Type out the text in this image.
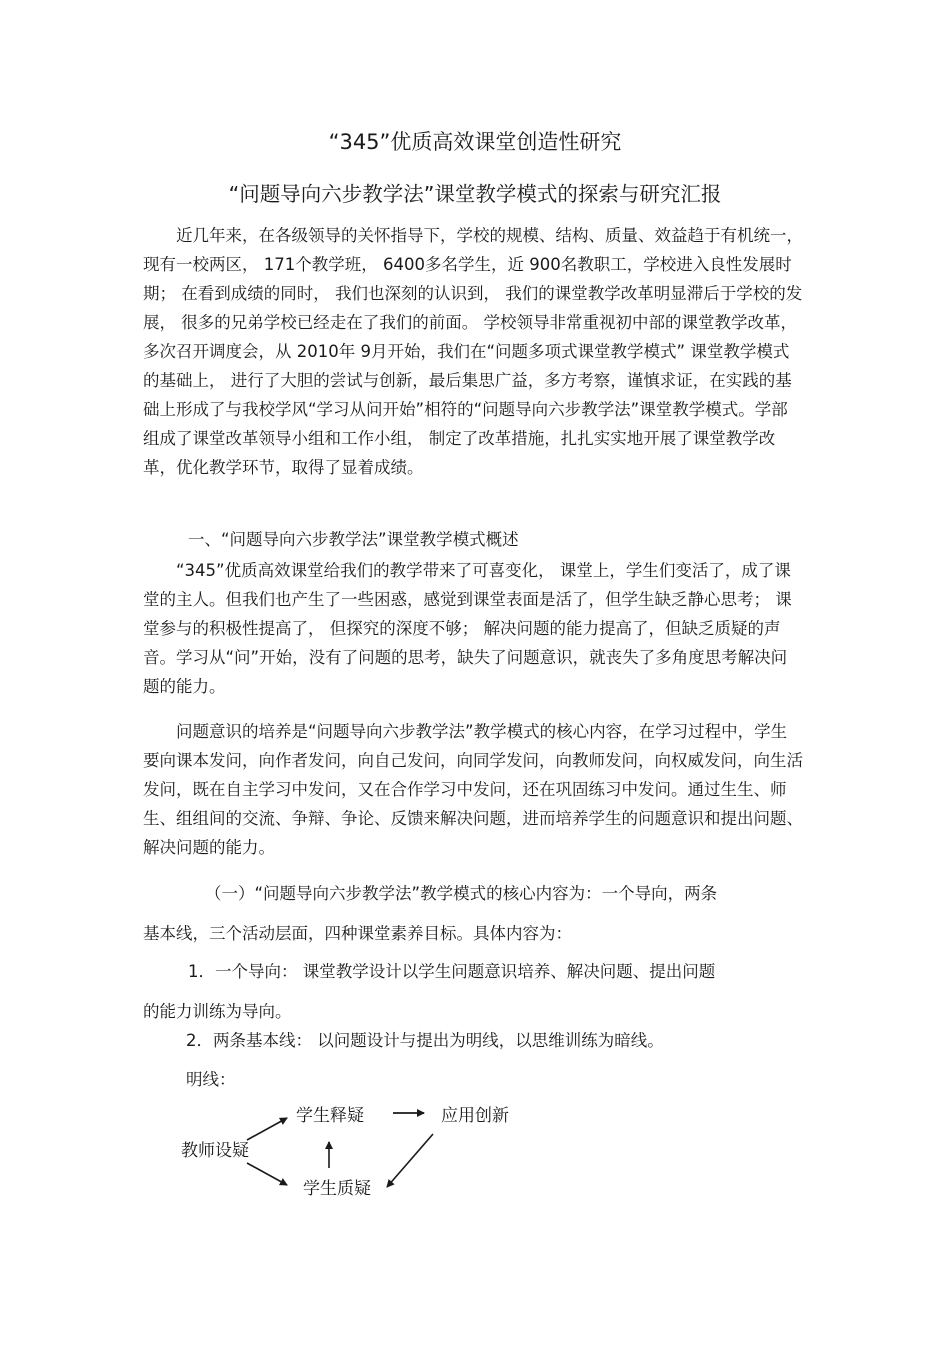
“345”优质高效课堂创造性研究
“问题导向六步教学法”课堂教学模式的探索与研究汇报

近几年来，在各级领导的关怀指导下，学校的规模、结构、质量、效益趋于有机统一，现有一校两区， 171个教学班， 6400多名学生，近 900名教职工，学校进入良性发展时期； 在看到成绩的同时， 我们也深刻的认识到， 我们的课堂教学改革明显滞后于学校的发展， 很多的兄弟学校已经走在了我们的前面。 学校领导非常重视初中部的课堂教学改革，多次召开调度会，从 2010年 9月开始，我们在“问题多项式课堂教学模式” 课堂教学模式的基础上， 进行了大胆的尝试与创新，最后集思广益，多方考察，谨慎求证，在实践的基础上形成了与我校学风“学习从问开始”相符的“问题导向六步教学法”课堂教学模式。学部组成了课堂改革领导小组和工作小组， 制定了改革措施，扎扎实实地开展了课堂教学改革，优化教学环节，取得了显着成绩。

一、“问题导向六步教学法”课堂教学模式概述

“345”优质高效课堂给我们的教学带来了可喜变化， 课堂上，学生们变活了，成了课堂的主人。但我们也产生了一些困惑，感觉到课堂表面是活了，但学生缺乏静心思考； 课堂参与的积极性提高了， 但探究的深度不够； 解决问题的能力提高了，但缺乏质疑的声音。学习从“问”开始，没有了问题的思考，缺失了问题意识，就丧失了多角度思考解决问题的能力。

问题意识的培养是“问题导向六步教学法”教学模式的核心内容，在学习过程中，学生要向课本发问，向作者发问，向自己发问，向同学发问，向教师发问，向权威发问，向生活发问，既在自主学习中发问，又在合作学习中发问，还在巩固练习中发问。通过生生、师生、组组间的交流、争辩、争论、反馈来解决问题，进而培养学生的问题意识和提出问题、解决问题的能力。

（一）“问题导向六步教学法”教学模式的核心内容为：一个导向，两条
基本线，三个活动层面，四种课堂素养目标。具体内容为：

1．一个导向： 课堂教学设计以学生问题意识培养、解决问题、提出问题
的能力训练为导向。

2．两条基本线： 以问题设计与提出为明线，以思维训练为暗线。

明线：

教师设疑
学生释疑	应用创新
学生质疑
